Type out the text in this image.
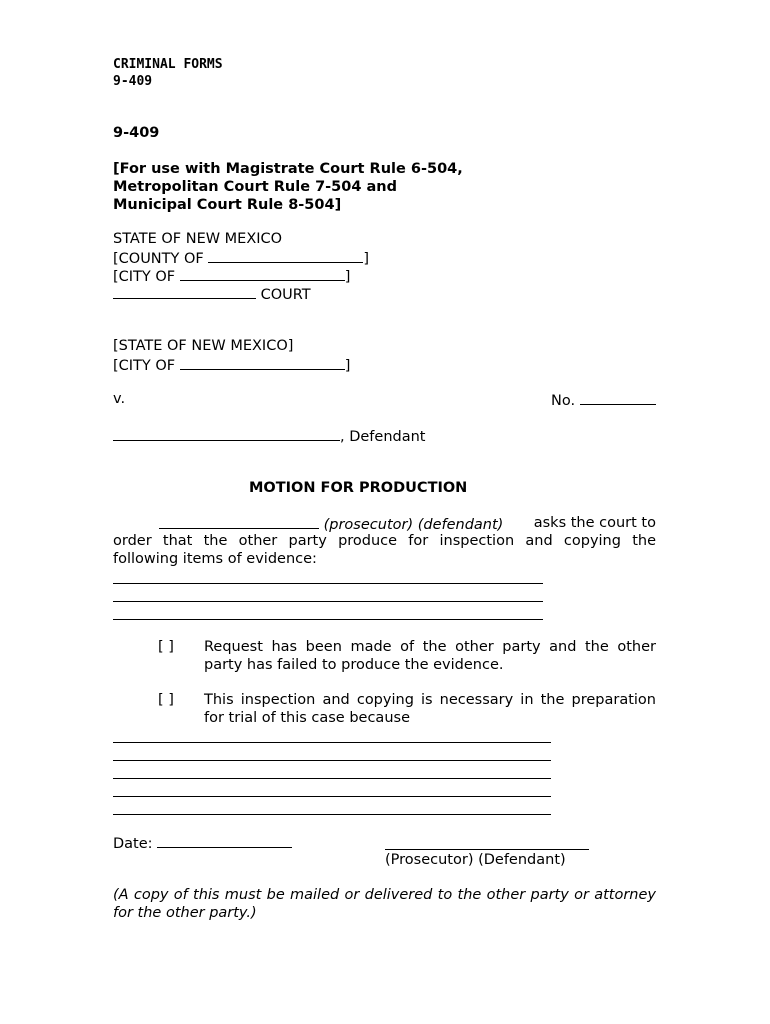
CRIMINAL FORMS
9-409
9-409
[For use with Magistrate Court Rule 6-504,
Metropolitan Court Rule 7-504 and
Municipal Court Rule 8-504]
STATE OF NEW MEXICO
[COUNTY OF	]
[CITY OF	]
COURT
[STATE OF NEW MEXICO]
[CITY OF	]
v.	No.
, Defendant
MOTION FOR PRODUCTION
(prosecutor) (defendant) asks the court to
order that the other party produce for inspection and copying the following items of evidence:
[ ] Request has been made of the other party and the other party has failed to produce the evidence.
[ ] This inspection and copying is necessary in the preparation for trial of this case because
Date:
(Prosecutor) (Defendant)
(A copy of this must be mailed or delivered to the other party or attorney for the other party.)
